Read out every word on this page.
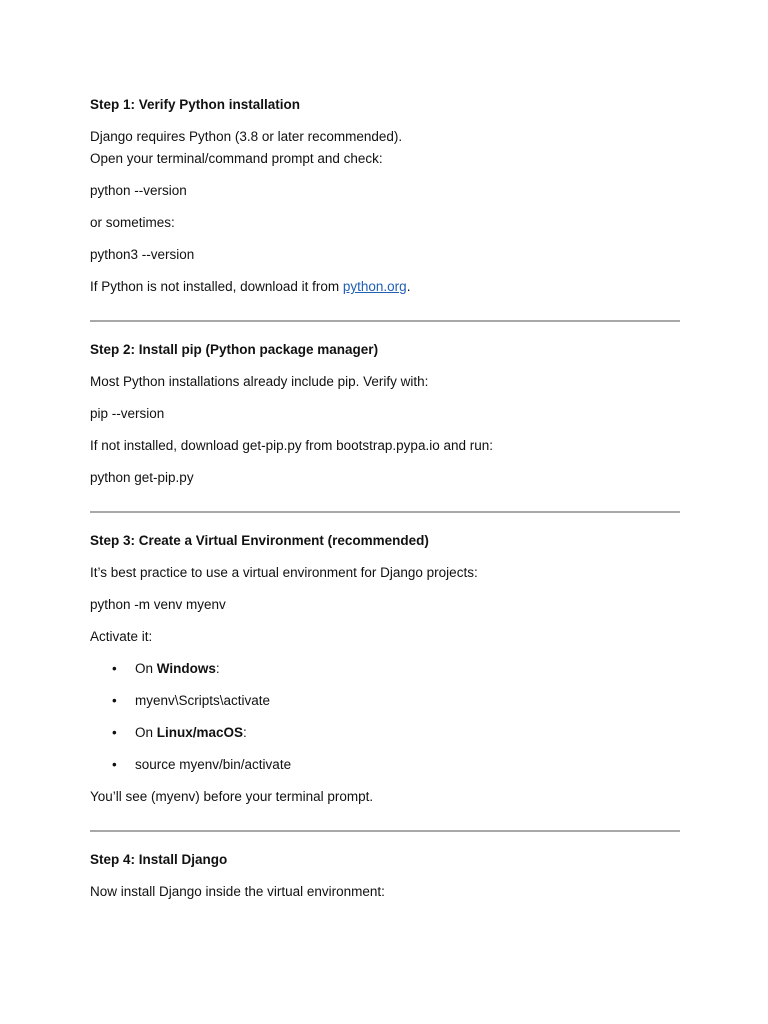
Step 1: Verify Python installation
Django requires Python (3.8 or later recommended).
Open your terminal/command prompt and check:
python --version
or sometimes:
python3 --version
If Python is not installed, download it from python.org.
Step 2: Install pip (Python package manager)
Most Python installations already include pip. Verify with:
pip --version
If not installed, download get-pip.py from bootstrap.pypa.io and run:
python get-pip.py
Step 3: Create a Virtual Environment (recommended)
It’s best practice to use a virtual environment for Django projects:
python -m venv myenv
Activate it:
• On Windows:
• myenv\Scripts\activate
• On Linux/macOS:
• source myenv/bin/activate
You’ll see (myenv) before your terminal prompt.
Step 4: Install Django
Now install Django inside the virtual environment:
